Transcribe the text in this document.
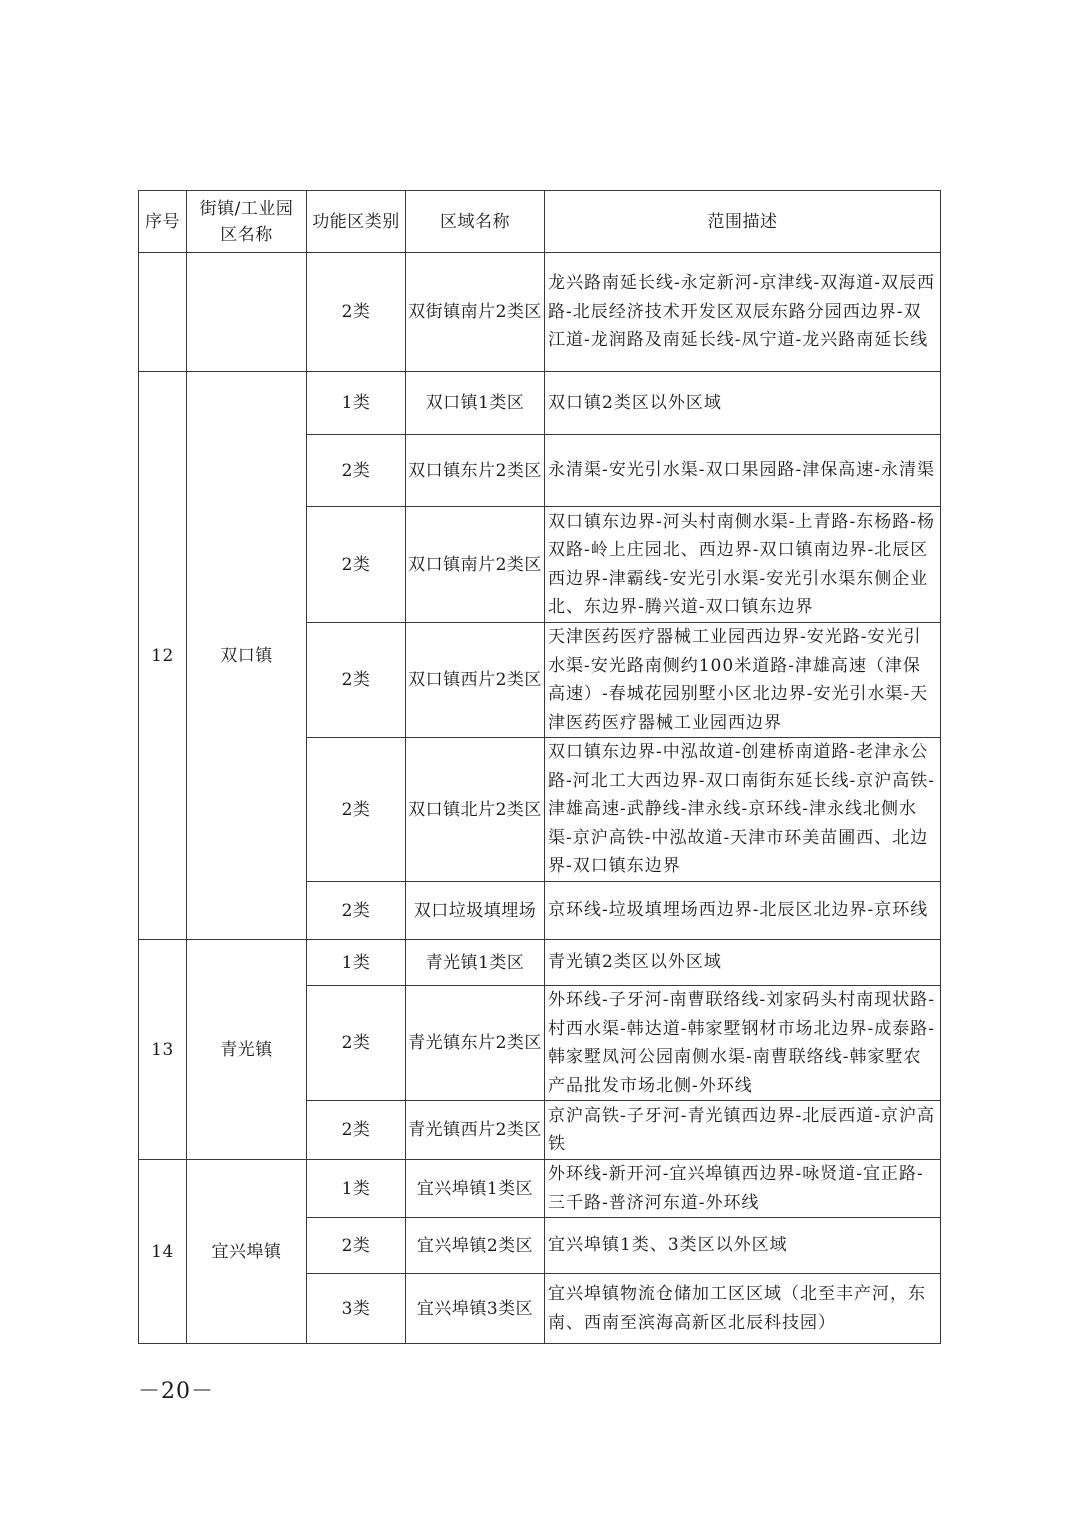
序号	街镇/工业园区名称	功能区类别	区域名称	范围描述
		2类	双街镇南片2类区	龙兴路南延长线-永定新河-京津线-双海道-双辰西路-北辰经济技术开发区双辰东路分园西边界-双江道-龙润路及南延长线-凤宁道-龙兴路南延长线
12	双口镇	1类	双口镇1类区	双口镇2类区以外区域
		2类	双口镇东片2类区	永清渠-安光引水渠-双口果园路-津保高速-永清渠
		2类	双口镇南片2类区	双口镇东边界-河头村南侧水渠-上青路-东杨路-杨双路-岭上庄园北、西边界-双口镇南边界-北辰区西边界-津霸线-安光引水渠-安光引水渠东侧企业北、东边界-腾兴道-双口镇东边界
		2类	双口镇西片2类区	天津医药医疗器械工业园西边界-安光路-安光引水渠-安光路南侧约100米道路-津雄高速（津保高速）-春城花园别墅小区北边界-安光引水渠-天津医药医疗器械工业园西边界
		2类	双口镇北片2类区	双口镇东边界-中泓故道-创建桥南道路-老津永公路-河北工大西边界-双口南街东延长线-京沪高铁-津雄高速-武静线-津永线-京环线-津永线北侧水渠-京沪高铁-中泓故道-天津市环美苗圃西、北边界-双口镇东边界
		2类	双口垃圾填埋场	京环线-垃圾填埋场西边界-北辰区北边界-京环线
13	青光镇	1类	青光镇1类区	青光镇2类区以外区域
		2类	青光镇东片2类区	外环线-子牙河-南曹联络线-刘家码头村南现状路-村西水渠-韩达道-韩家墅钢材市场北边界-成泰路-韩家墅凤河公园南侧水渠-南曹联络线-韩家墅农产品批发市场北侧-外环线
		2类	青光镇西片2类区	京沪高铁-子牙河-青光镇西边界-北辰西道-京沪高铁
14	宜兴埠镇	1类	宜兴埠镇1类区	外环线-新开河-宜兴埠镇西边界-咏贤道-宜正路-三千路-普济河东道-外环线
		2类	宜兴埠镇2类区	宜兴埠镇1类、3类区以外区域
		3类	宜兴埠镇3类区	宜兴埠镇物流仓储加工区区域（北至丰产河，东南、西南至滨海高新区北辰科技园）
－20－
